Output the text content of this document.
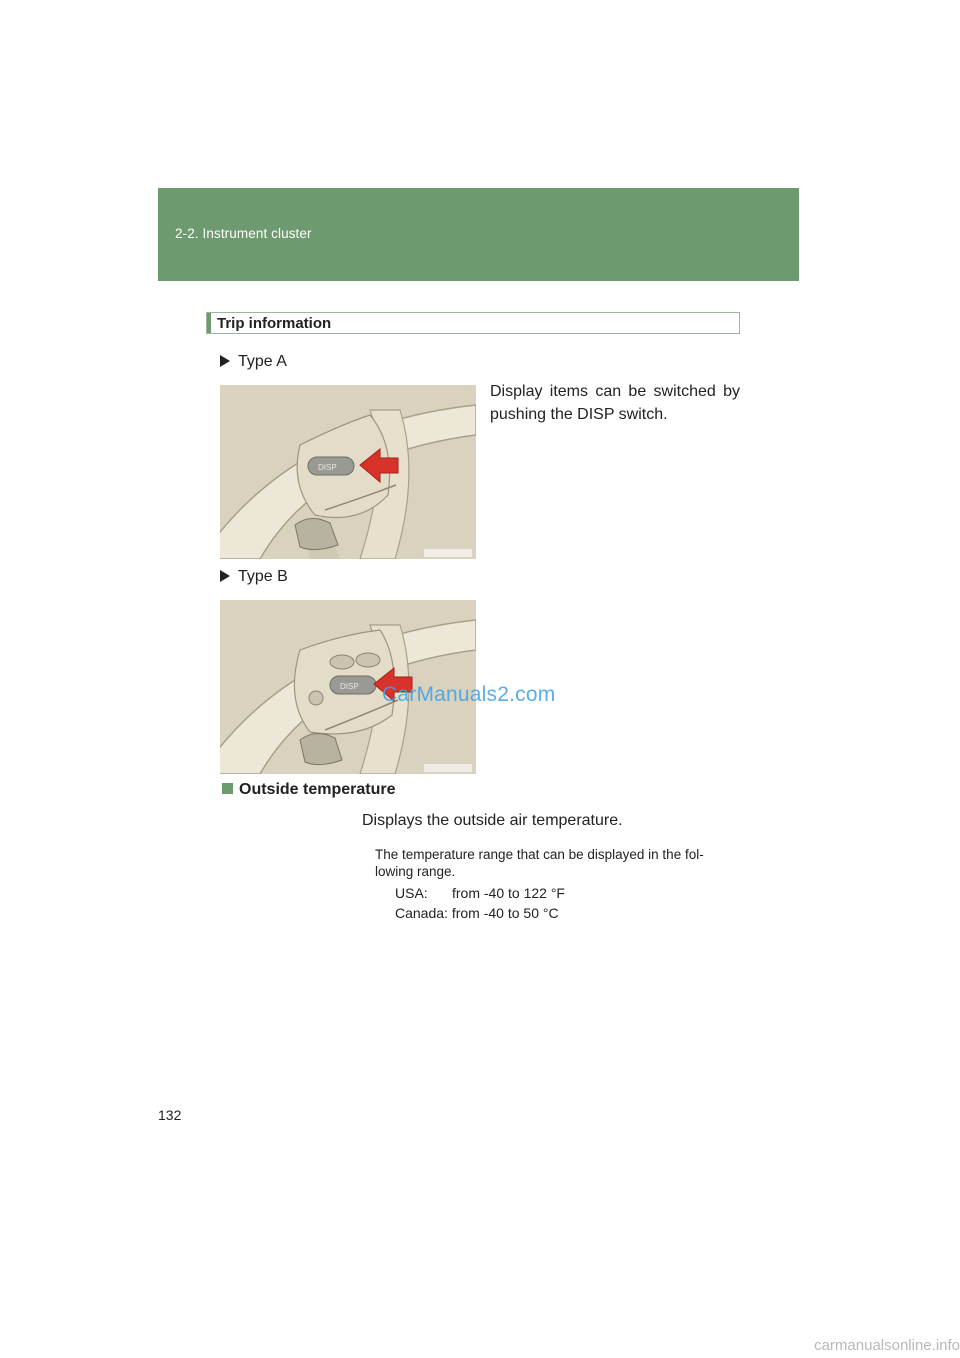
2-2. Instrument cluster
Trip information
Type A
DISP
Display items can be switched by pushing the DISP switch.
Type B
DISP CarManuals2.com
Outside temperature
Displays the outside air temperature.
The temperature range that can be displayed in the fol- lowing range.
USA: from -40 to 122 °F
Canada: from -40 to 50 °C
132
carmanualsonline.info
